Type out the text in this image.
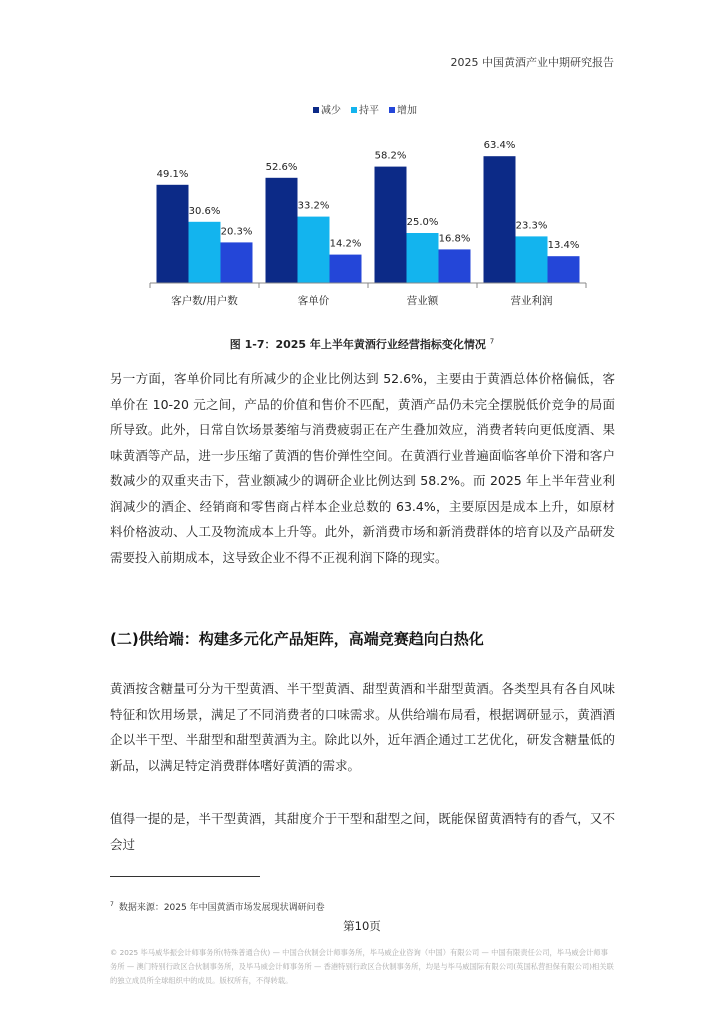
2025 中国黄酒产业中期研究报告
减少 持平 增加
49.1%
30.6%
20.3%
客户数/用户数
52.6%
33.2%
14.2%
客单价
58.2%
25.0%
16.8%
营业额
63.4%
23.3%
13.4%
营业利润
图 1-7：2025 年上半年黄酒行业经营指标变化情况 $^7$

另一方面，客单价同比有所减少的企业比例达到 52.6%，主要由于黄酒总体价格偏低，客单价在 10-20 元之间，产品的价值和售价不匹配，黄酒产品仍未完全摆脱低价竞争的局面所导致。此外，日常自饮场景萎缩与消费疲弱正在产生叠加效应，消费者转向更低度酒、果味黄酒等产品，进一步压缩了黄酒的售价弹性空间。在黄酒行业普遍面临客单价下滑和客户数减少的双重夹击下，营业额减少的调研企业比例达到 58.2%。而 2025 年上半年营业利润减少的酒企、经销商和零售商占样本企业总数的 63.4%，主要原因是成本上升，如原材料价格波动、人工及物流成本上升等。此外，新消费市场和新消费群体的培育以及产品研发需要投入前期成本，这导致企业不得不正视利润下降的现实。

(二)供给端：构建多元化产品矩阵，高端竞赛趋向白热化

黄酒按含糖量可分为干型黄酒、半干型黄酒、甜型黄酒和半甜型黄酒。各类型具有各自风味特征和饮用场景，满足了不同消费者的口味需求。从供给端布局看，根据调研显示，黄酒酒企以半干型、半甜型和甜型黄酒为主。除此以外，近年酒企通过工艺优化，研发含糖量低的新品，以满足特定消费群体嗜好黄酒的需求。

值得一提的是，半干型黄酒，其甜度介于干型和甜型之间，既能保留黄酒特有的香气，又不会过

$^7$ 数据来源：2025 年中国黄酒市场发展现状调研问卷
第10页

© 2025 毕马威华振会计师事务所(特殊普通合伙) — 中国合伙制会计师事务所，毕马威企业咨询（中国）有限公司 — 中国有限责任公司，毕马威会计师事务所 — 澳门特别行政区合伙制事务所，及毕马威会计师事务所 — 香港特别行政区合伙制事务所，均是与毕马威国际有限公司(英国私营担保有限公司)相关联的独立成员所全球组织中的成员。版权所有，不得转载。
